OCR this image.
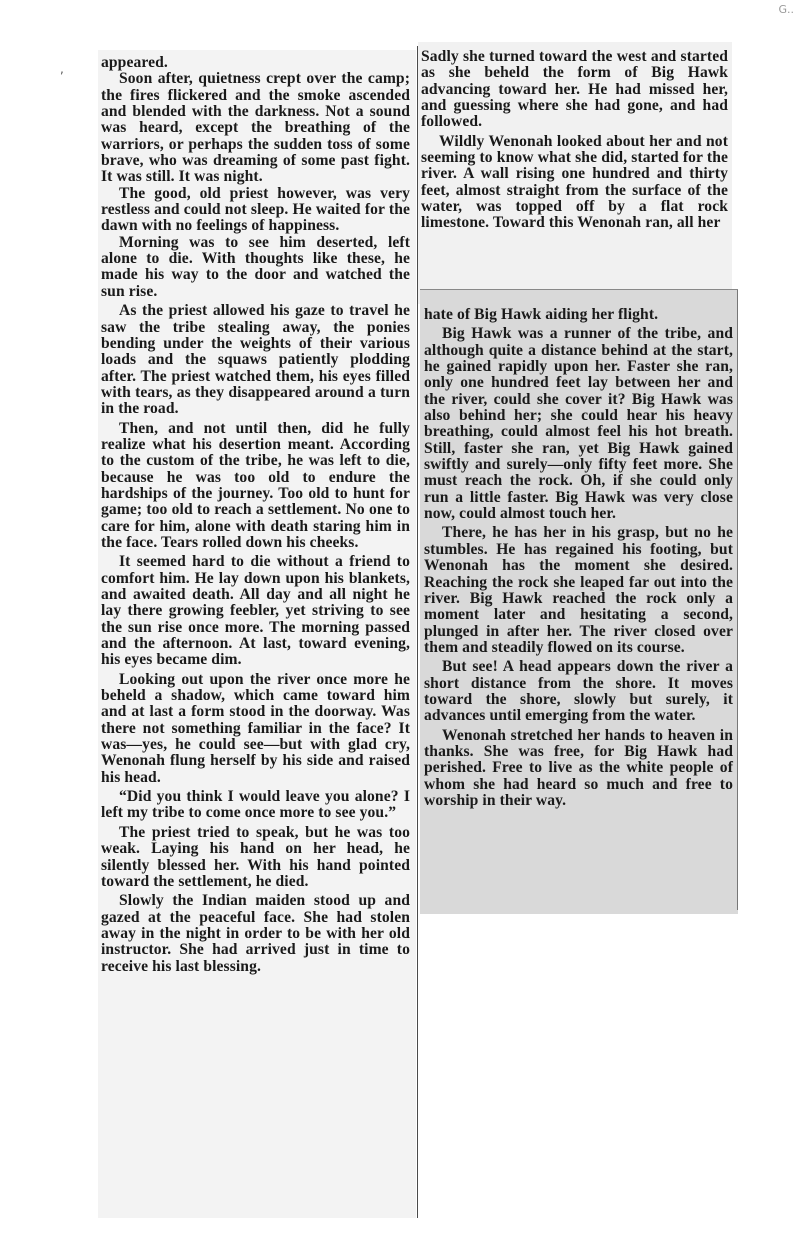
G..
, appeared.

Soon after, quietness crept over the camp; the fires flickered and the smoke ascended and blended with the darkness. Not a sound was heard, except the breathing of the warriors, or perhaps the sudden toss of some brave, who was dreaming of some past fight. It was still. It was night.

The good, old priest however, was very restless and could not sleep. He waited for the dawn with no feelings of happiness.

Morning was to see him deserted, left alone to die. With thoughts like these, he made his way to the door and watched the sun rise.

As the priest allowed his gaze to travel he saw the tribe stealing away, the ponies bending under the weights of their various loads and the squaws patiently plodding after. The priest watched them, his eyes filled with tears, as they disappeared around a turn in the road.

Then, and not until then, did he fully realize what his desertion meant. According to the custom of the tribe, he was left to die, because he was too old to endure the hardships of the journey. Too old to hunt for game; too old to reach a settlement. No one to care for him, alone with death staring him in the face. Tears rolled down his cheeks.

It seemed hard to die without a friend to comfort him. He lay down upon his blankets, and awaited death. All day and all night he lay there growing feebler, yet striving to see the sun rise once more. The morning passed and the afternoon. At last, toward evening, his eyes became dim.

Looking out upon the river once more he beheld a shadow, which came toward him and at last a form stood in the doorway. Was there not something familiar in the face? It was—yes, he could see—but with glad cry, Wenonah flung herself by his side and raised his head.

“Did you think I would leave you alone? I left my tribe to come once more to see you.”

The priest tried to speak, but he was too weak. Laying his hand on her head, he silently blessed her. With his hand pointed toward the settlement, he died.

Slowly the Indian maiden stood up and gazed at the peaceful face. She had stolen away in the night in order to be with her old instructor. She had arrived just in time to receive his last blessing.

Sadly she turned toward the west and started as she beheld the form of Big Hawk advancing toward her. He had missed her, and guessing where she had gone, and had followed.

Wildly Wenonah looked about her and not seeming to know what she did, started for the river. A wall rising one hundred and thirty feet, almost straight from the surface of the water, was topped off by a flat rock limestone. Toward this Wenonah ran, all her

hate of Big Hawk aiding her flight.

Big Hawk was a runner of the tribe, and although quite a distance behind at the start, he gained rapidly upon her. Faster she ran, only one hundred feet lay between her and the river, could she cover it? Big Hawk was also behind her; she could hear his heavy breathing, could almost feel his hot breath. Still, faster she ran, yet Big Hawk gained swiftly and surely—only fifty feet more. She must reach the rock. Oh, if she could only run a little faster. Big Hawk was very close now, could almost touch her.

There, he has her in his grasp, but no he stumbles. He has regained his footing, but Wenonah has the moment she desired. Reaching the rock she leaped far out into the river. Big Hawk reached the rock only a moment later and hesitating a second, plunged in after her. The river closed over them and steadily flowed on its course.

But see! A head appears down the river a short distance from the shore. It moves toward the shore, slowly but surely, it advances until emerging from the water.

Wenonah stretched her hands to heaven in thanks. She was free, for Big Hawk had perished. Free to live as the white people of whom she had heard so much and free to worship in their way.
